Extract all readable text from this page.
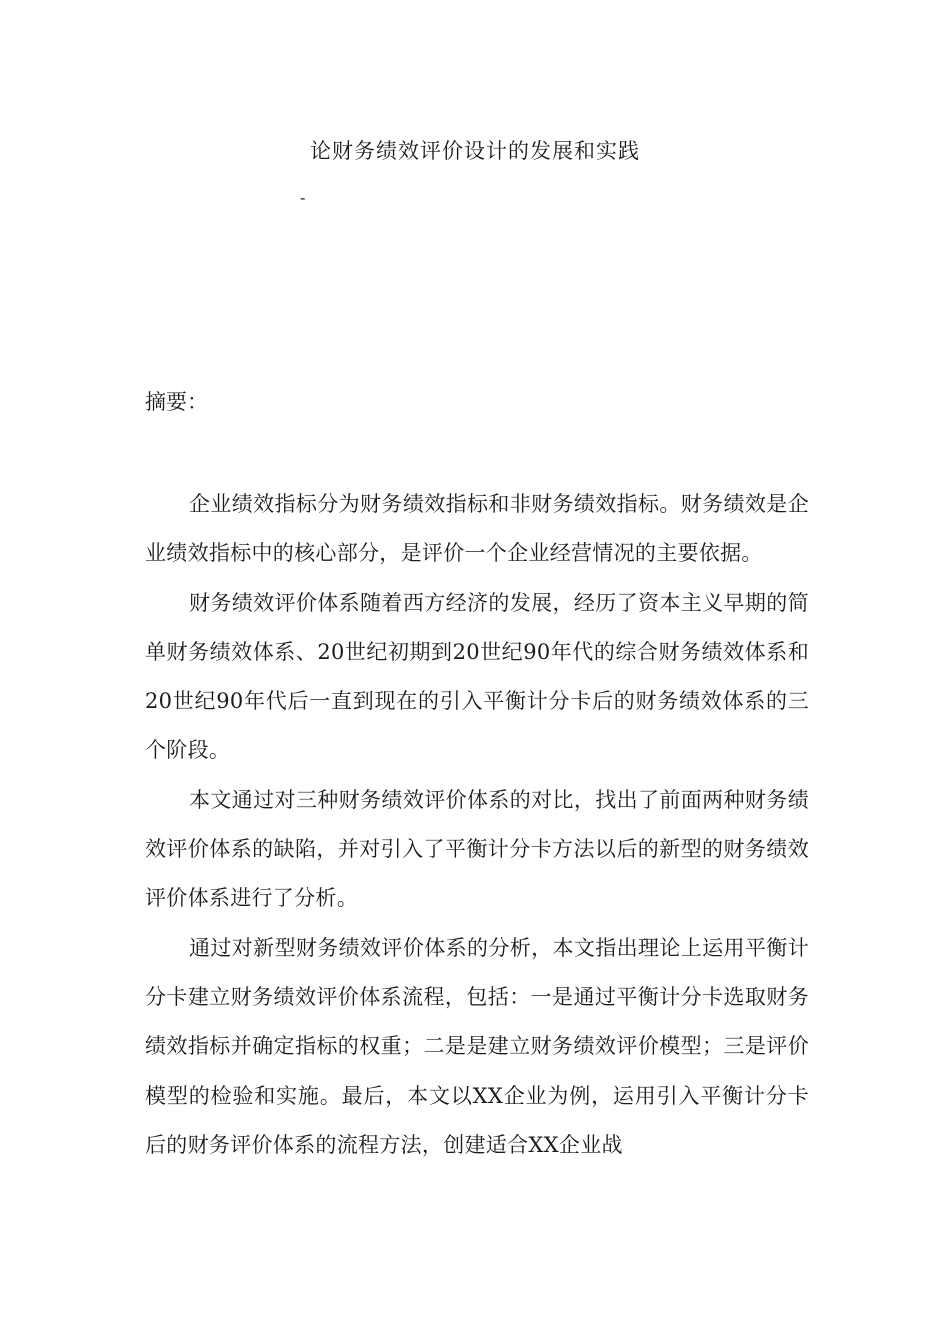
论财务绩效评价设计的发展和实践
-
摘要：

企业绩效指标分为财务绩效指标和非财务绩效指标。财务绩效是企业绩效指标中的核心部分，是评价一个企业经营情况的主要依据。

财务绩效评价体系随着西方经济的发展，经历了资本主义早期的简单财务绩效体系、20世纪初期到20世纪90年代的综合财务绩效体系和20世纪90年代后一直到现在的引入平衡计分卡后的财务绩效体系的三个阶段。

本文通过对三种财务绩效评价体系的对比，找出了前面两种财务绩效评价体系的缺陷，并对引入了平衡计分卡方法以后的新型的财务绩效评价体系进行了分析。

通过对新型财务绩效评价体系的分析，本文指出理论上运用平衡计分卡建立财务绩效评价体系流程，包括：一是通过平衡计分卡选取财务绩效指标并确定指标的权重；二是是建立财务绩效评价模型；三是评价模型的检验和实施。最后，本文以XX企业为例，运用引入平衡计分卡后的财务评价体系的流程方法，创建适合XX企业战
